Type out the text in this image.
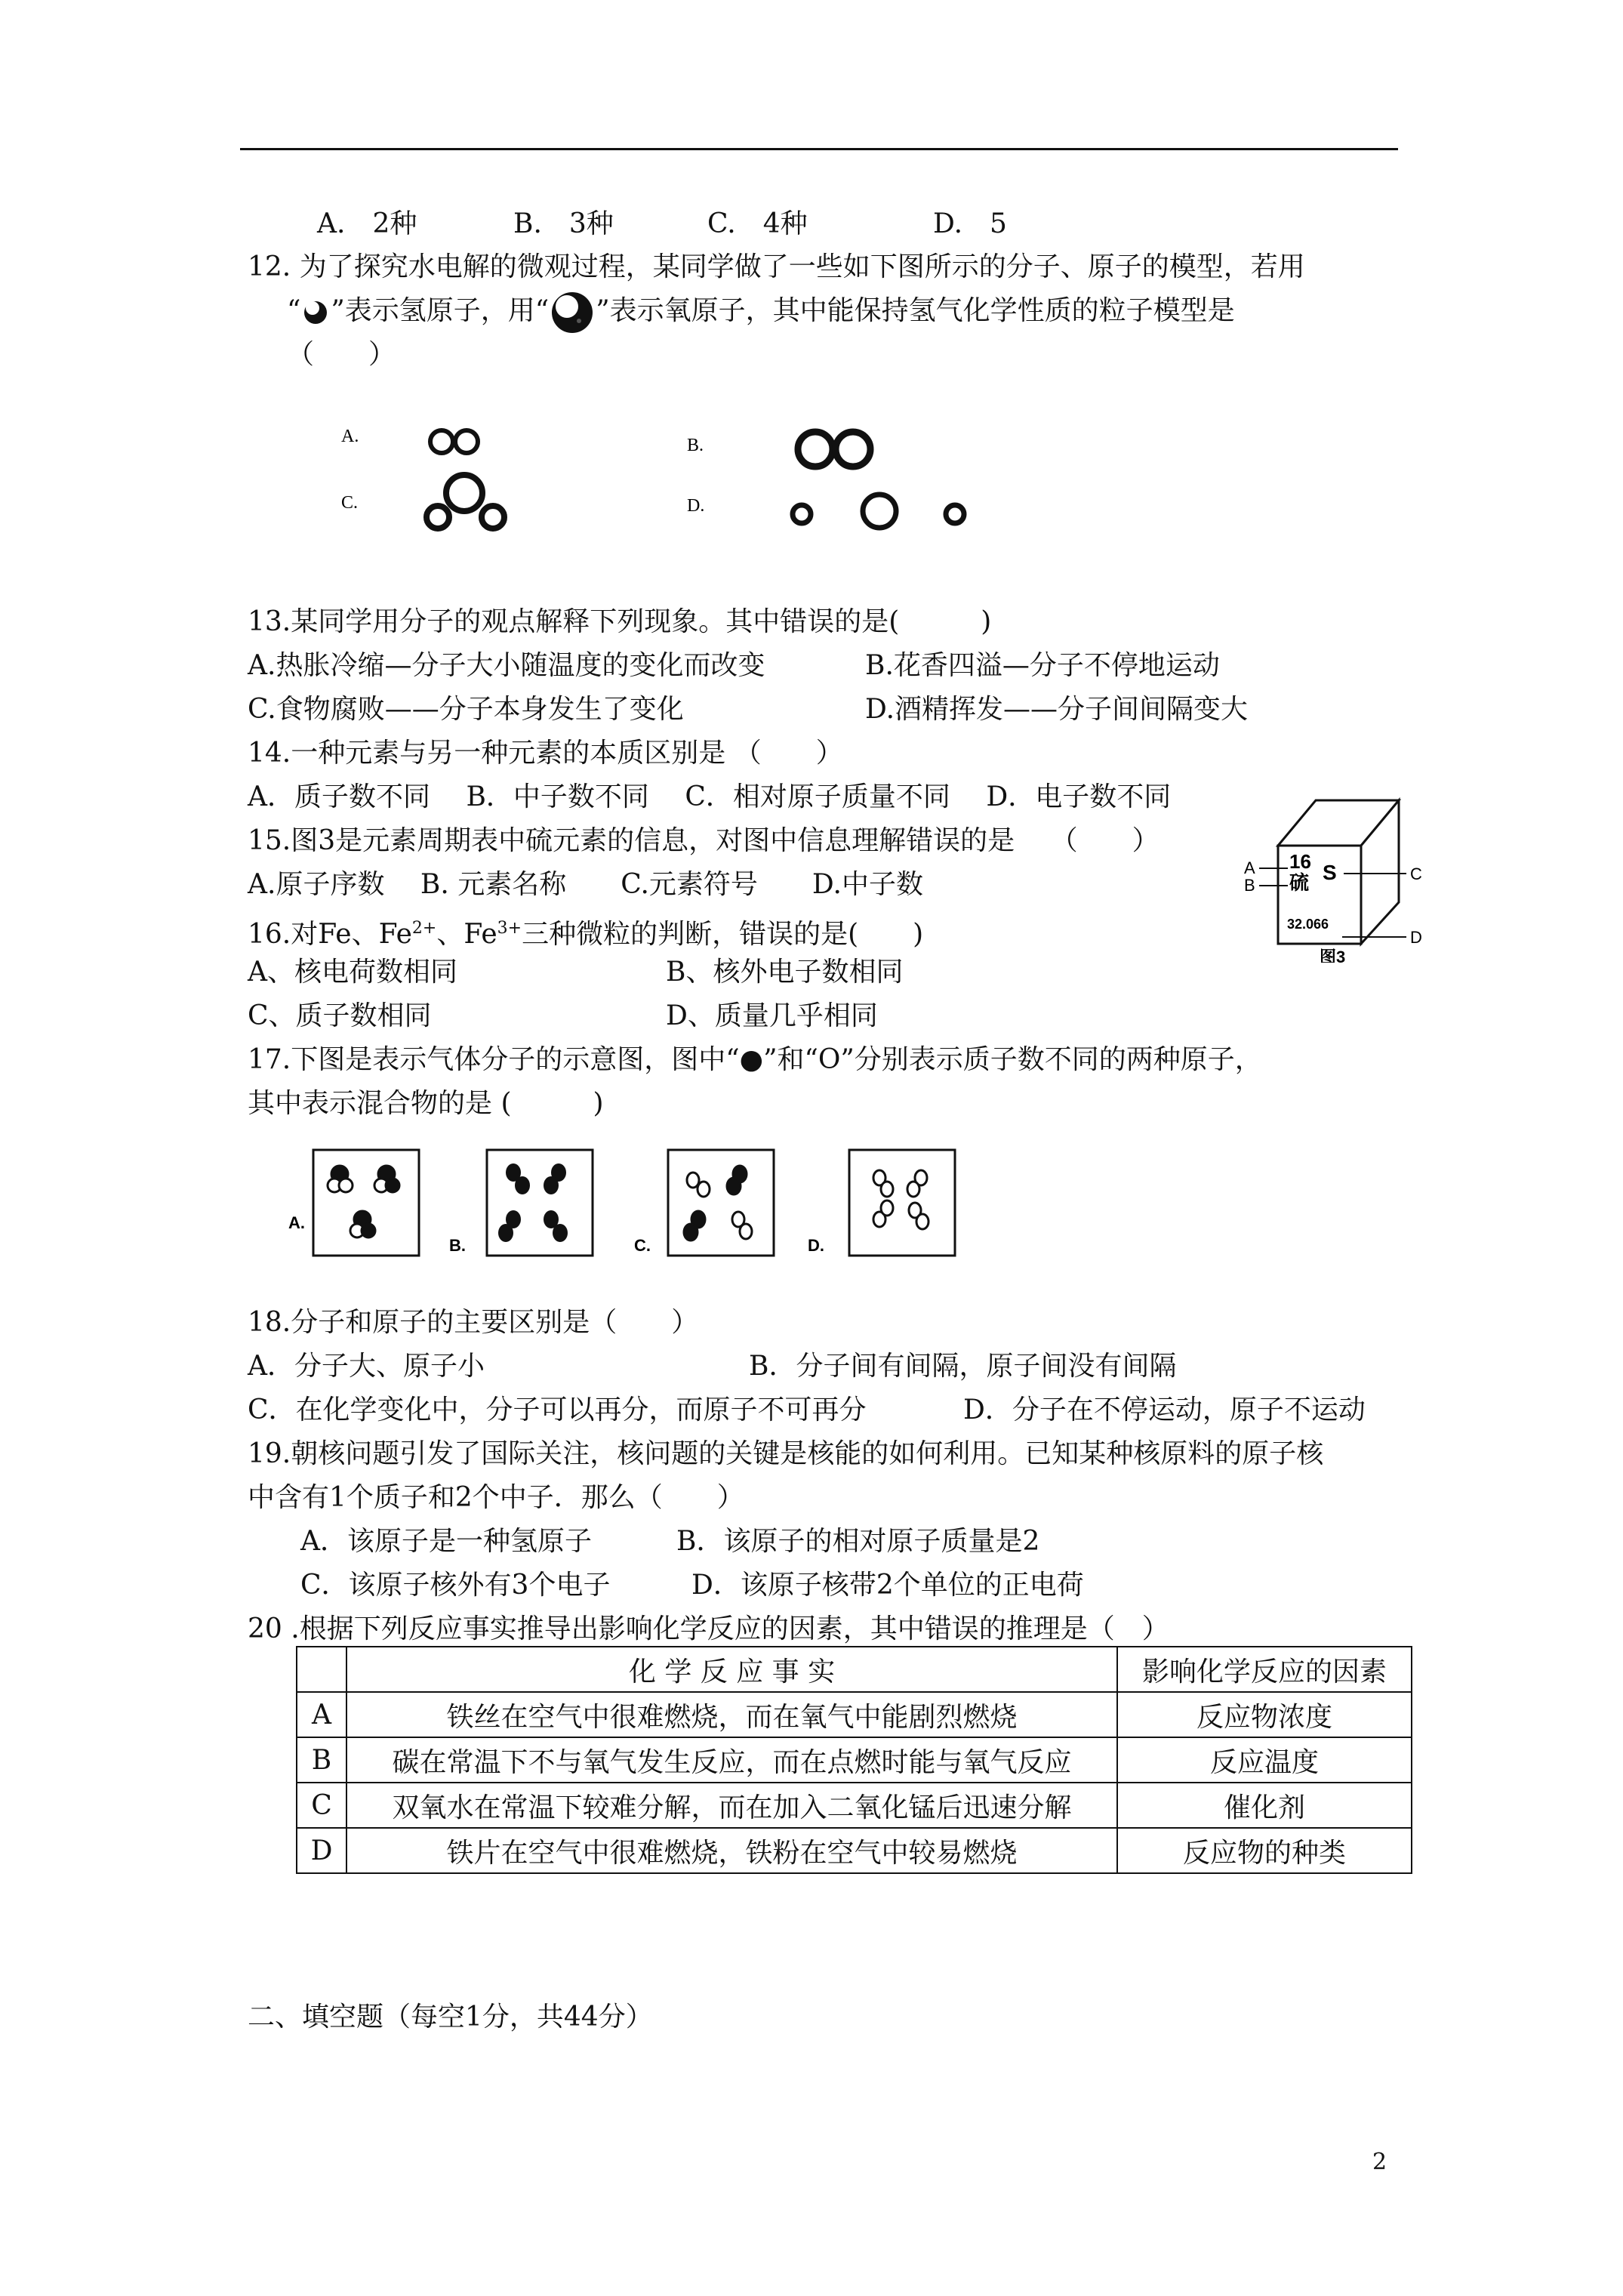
A.　2种	B.　3种	C.　4种	D.　5
12. 为了探究水电解的微观过程，某同学做了一些如下图所示的分子、原子的模型，若用
“ ”表示氢原子，用“ ”表示氧原子，其中能保持氢气化学性质的粒子模型是
（　　）
A.	B.
C.	D.
13.某同学用分子的观点解释下列现象。其中错误的是(　　　)
A.热胀冷缩—分子大小随温度的变化而改变	B.花香四溢—分子不停地运动
C.食物腐败——分子本身发生了变化	D.酒精挥发——分子间间隔变大
14.一种元素与另一种元素的本质区别是 （　　）
A．质子数不同　 B．中子数不同　 C．相对原子质量不同　 D．电子数不同
15.图3是元素周期表中硫元素的信息，对图中信息理解错误的是　 （　　）
A.原子序数　 B. 元素名称　　C.元素符号　　D.中子数
16
硫 S
32.066
A
B
C
D
图3
16.对Fe、$Fe^{2+}$、$Fe^{3+}$三种微粒的判断，错误的是(　　)
A、核电荷数相同	B、核外电子数相同
C、质子数相同	D、质量几乎相同
17.下图是表示气体分子的示意图，图中“●”和“O”分别表示质子数不同的两种原子，
其中表示混合物的是 (　　　)
A.
B.	C.	D.
18.分子和原子的主要区别是（　　）
A．分子大、原子小	B．分子间有间隔，原子间没有间隔
C．在化学变化中，分子可以再分，而原子不可再分	D．分子在不停运动，原子不运动
19.朝核问题引发了国际关注，核问题的关键是核能的如何利用。已知某种核原料的原子核
中含有1个质子和2个中子．那么（　　）
A．该原子是一种氢原子	B．该原子的相对原子质量是2
C．该原子核外有3个电子	D．该原子核带2个单位的正电荷
20 .根据下列反应事实推导出影响化学反应的因素，其中错误的推理是（　）
	化 学 反 应 事 实	影响化学反应的因素
A	铁丝在空气中很难燃烧，而在氧气中能剧烈燃烧	反应物浓度
B	碳在常温下不与氧气发生反应，而在点燃时能与氧气反应	反应温度
C	双氧水在常温下较难分解，而在加入二氧化锰后迅速分解	催化剂
D	铁片在空气中很难燃烧，铁粉在空气中较易燃烧	反应物的种类
二、填空题（每空1分，共44分）
2
